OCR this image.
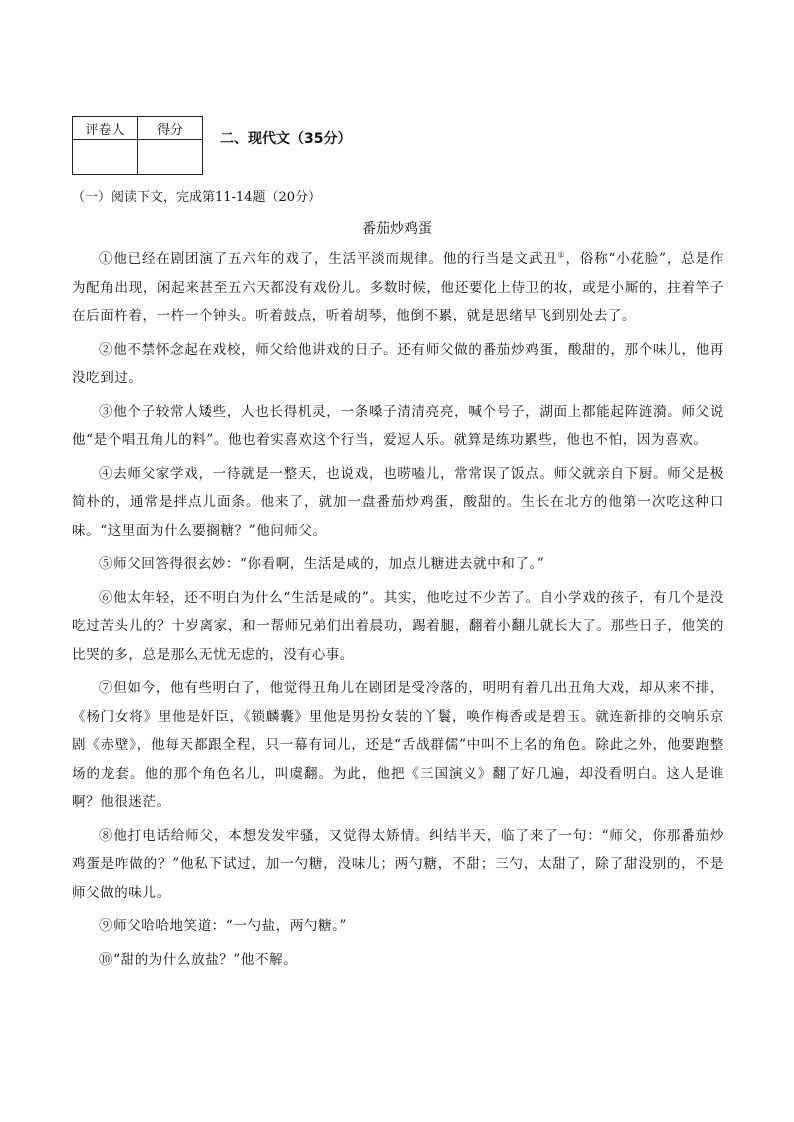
评卷人	得分

二、现代文（35分）
（一）阅读下文，完成第11-14题（20分）
番茄炒鸡蛋

①他已经在剧团演了五六年的戏了，生活平淡而规律。他的行当是文武丑①，俗称“小花脸”，总是作为配角出现，闲起来甚至五六天都没有戏份儿。多数时候，他还要化上侍卫的妆，或是小厮的，拄着竿子在后面杵着，一杵一个钟头。听着鼓点，听着胡琴，他倒不累，就是思绪早飞到别处去了。

②他不禁怀念起在戏校，师父给他讲戏的日子。还有师父做的番茄炒鸡蛋，酸甜的，那个味儿，他再没吃到过。

③他个子较常人矮些，人也长得机灵，一条嗓子清清亮亮，喊个号子，湖面上都能起阵涟漪。师父说他“是个唱丑角儿的料”。他也着实喜欢这个行当，爱逗人乐。就算是练功累些，他也不怕，因为喜欢。

④去师父家学戏，一待就是一整天，也说戏，也唠嗑儿，常常误了饭点。师父就亲自下厨。师父是极简朴的，通常是拌点儿面条。他来了，就加一盘番茄炒鸡蛋，酸甜的。生长在北方的他第一次吃这种口味。“这里面为什么要搁糖？”他问师父。

⑤师父回答得很玄妙：“你看啊，生活是咸的，加点儿糖进去就中和了。”

⑥他太年轻，还不明白为什么“生活是咸的”。其实，他吃过不少苦了。自小学戏的孩子，有几个是没吃过苦头儿的？十岁离家，和一帮师兄弟们出着晨功，踢着腿，翻着小翻儿就长大了。那些日子，他笑的比哭的多，总是那么无忧无虑的，没有心事。

⑦但如今，他有些明白了，他觉得丑角儿在剧团是受冷落的，明明有着几出丑角大戏，却从来不排，《杨门女将》里他是奸臣，《锁麟囊》里他是男扮女装的丫鬟，唤作梅香或是碧玉。就连新排的交响乐京剧《赤壁》，他每天都跟全程，只一幕有词儿，还是“舌战群儒”中叫不上名的角色。除此之外，他要跑整场的龙套。他的那个角色名儿，叫虞翻。为此，他把《三国演义》翻了好几遍，却没看明白。这人是谁啊？他很迷茫。

⑧他打电话给师父，本想发发牢骚，又觉得太矫情。纠结半天，临了来了一句：“师父，你那番茄炒鸡蛋是咋做的？”他私下试过，加一勺糖，没味儿；两勺糖，不甜；三勺，太甜了，除了甜没别的，不是师父做的味儿。

⑨师父哈哈地笑道：“一勺盐，两勺糖。”

⑩“甜的为什么放盐？”他不解。
